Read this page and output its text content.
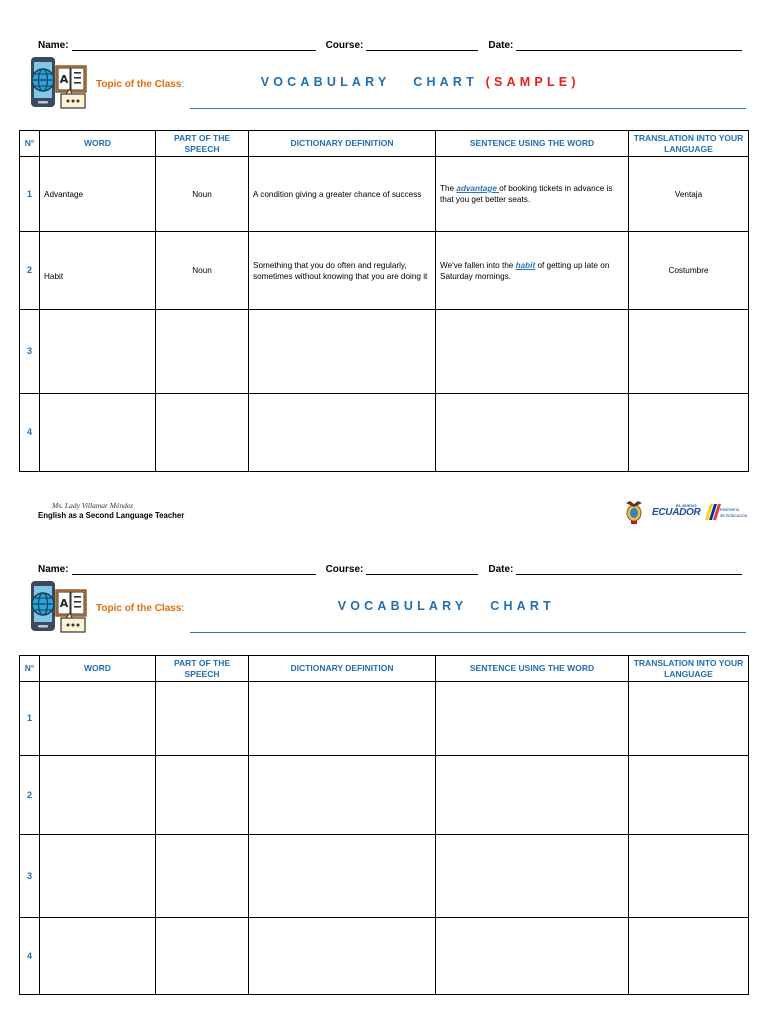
Name:	Course:	Date:
A	Topic of the Class:	VOCABULARY   CHART (SAMPLE)

N°	WORD	PART OF THE SPEECH	DICTIONARY DEFINITION	SENTENCE USING THE WORD	TRANSLATION INTO YOUR LANGUAGE
1	Advantage	Noun	A condition giving a greater chance of success	The advantage of booking tickets in advance is that you get better seats.	Ventaja
2	Habit	Noun	Something that you do often and regularly, sometimes without knowing that you are doing it	We've fallen into the habit of getting up late on Saturday mornings.	Costumbre
3					
4					
Ms. Lady Villamar Méndez
English as a Second Language Teacher
EL NUEVO
ECUADOR	Ministerio
de Educación
Name:	Course:	Date:
A	Topic of the Class:	VOCABULARY   CHART

N°	WORD	PART OF THE SPEECH	DICTIONARY DEFINITION	SENTENCE USING THE WORD	TRANSLATION INTO YOUR LANGUAGE
1					
2					
3					
4					
